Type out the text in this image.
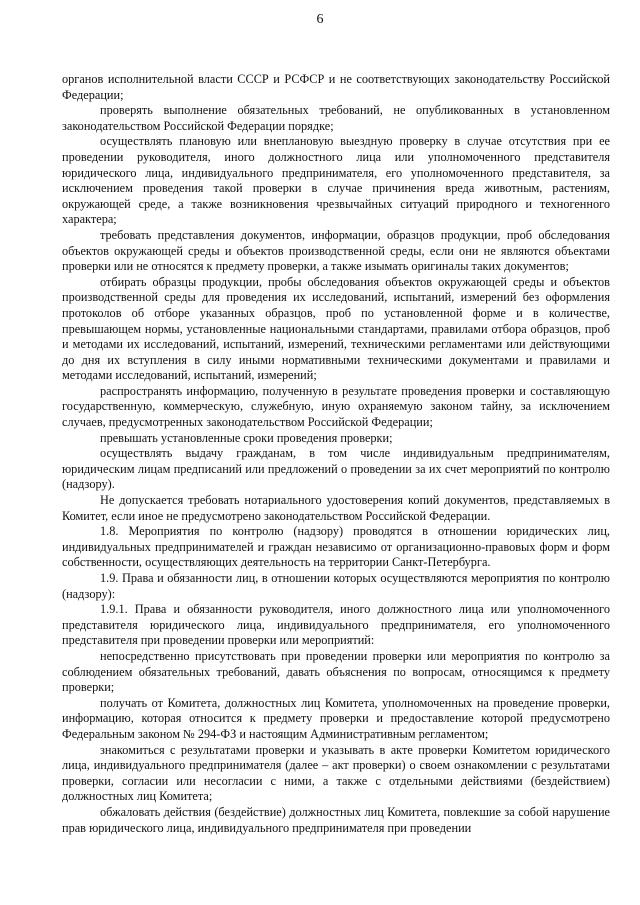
6

органов исполнительной власти СССР и РСФСР и не соответствующих законодательству Российской Федерации;

проверять выполнение обязательных требований, не опубликованных в установленном законодательством Российской Федерации порядке;

осуществлять плановую или внеплановую выездную проверку в случае отсутствия при ее проведении руководителя, иного должностного лица или уполномоченного представителя юридического лица, индивидуального предпринимателя, его уполномоченного представителя, за исключением проведения такой проверки в случае причинения вреда животным, растениям, окружающей среде, а также возникновения чрезвычайных ситуаций природного и техногенного характера;

требовать представления документов, информации, образцов продукции, проб обследования объектов окружающей среды и объектов производственной среды, если они не являются объектами проверки или не относятся к предмету проверки, а также изымать оригиналы таких документов;

отбирать образцы продукции, пробы обследования объектов окружающей среды и объектов производственной среды для проведения их исследований, испытаний, измерений без оформления протоколов об отборе указанных образцов, проб по установленной форме и в количестве, превышающем нормы, установленные национальными стандартами, правилами отбора образцов, проб и методами их исследований, испытаний, измерений, техническими регламентами или действующими до дня их вступления в силу иными нормативными техническими документами и правилами и методами исследований, испытаний, измерений;

распространять информацию, полученную в результате проведения проверки и составляющую государственную, коммерческую, служебную, иную охраняемую законом тайну, за исключением случаев, предусмотренных законодательством Российской Федерации;

превышать установленные сроки проведения проверки;

осуществлять выдачу гражданам, в том числе индивидуальным предпринимателям, юридическим лицам предписаний или предложений о проведении за их счет мероприятий по контролю (надзору).

Не допускается требовать нотариального удостоверения копий документов, представляемых в Комитет, если иное не предусмотрено законодательством Российской Федерации.

1.8. Мероприятия по контролю (надзору) проводятся в отношении юридических лиц, индивидуальных предпринимателей и граждан независимо от организационно-правовых форм и форм собственности, осуществляющих деятельность на территории Санкт-Петербурга.

1.9. Права и обязанности лиц, в отношении которых осуществляются мероприятия по контролю (надзору):

1.9.1. Права и обязанности руководителя, иного должностного лица или уполномоченного представителя юридического лица, индивидуального предпринимателя, его уполномоченного представителя при проведении проверки или мероприятий:

непосредственно присутствовать при проведении проверки или мероприятия по контролю за соблюдением обязательных требований, давать объяснения по вопросам, относящимся к предмету проверки;

получать от Комитета, должностных лиц Комитета, уполномоченных на проведение проверки, информацию, которая относится к предмету проверки и предоставление которой предусмотрено Федеральным законом № 294-ФЗ и настоящим Административным регламентом;

знакомиться с результатами проверки и указывать в акте проверки Комитетом юридического лица, индивидуального предпринимателя (далее – акт проверки) о своем ознакомлении с результатами проверки, согласии или несогласии с ними, а также с отдельными действиями (бездействием) должностных лиц Комитета;

обжаловать действия (бездействие) должностных лиц Комитета, повлекшие за собой нарушение прав юридического лица, индивидуального предпринимателя при проведении
